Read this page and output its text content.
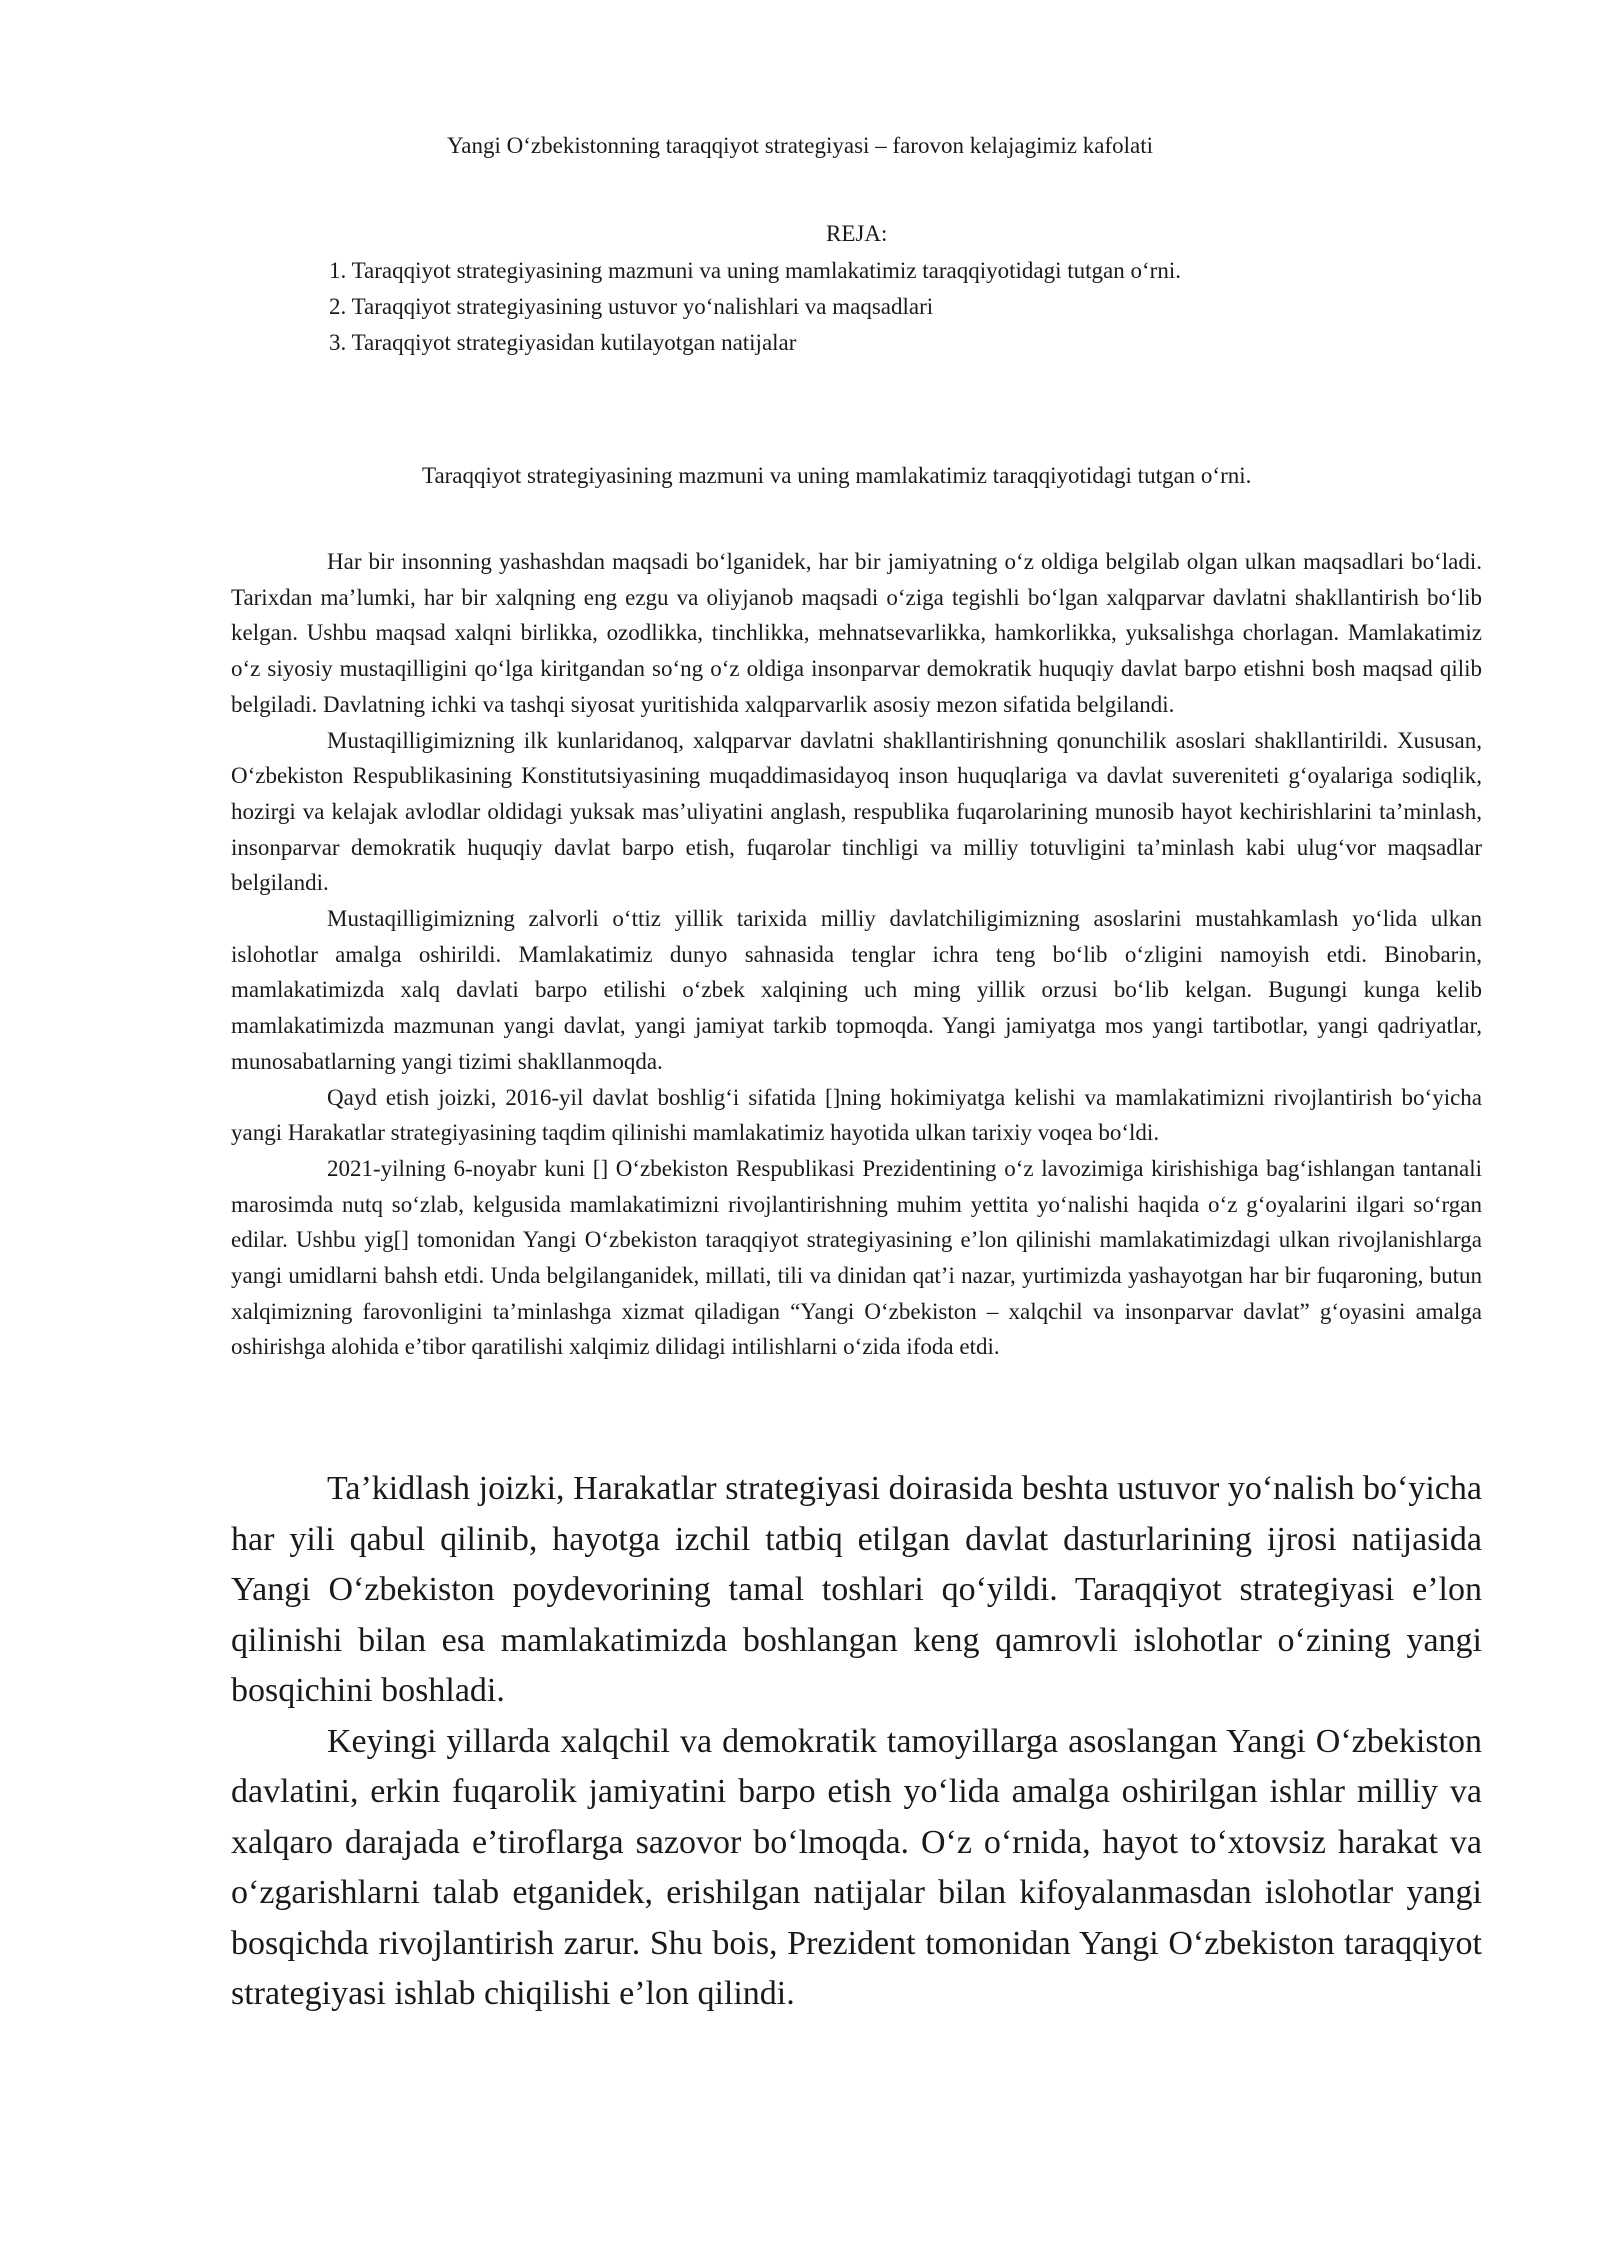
Yangi O‘zbekistonning taraqqiyot strategiyasi – farovon kelajagimiz kafolati
REJA:
1. Taraqqiyot strategiyasining mazmuni va uning mamlakatimiz taraqqiyotidagi tutgan o‘rni.
2. Taraqqiyot strategiyasining ustuvor yo‘nalishlari va maqsadlari
3. Taraqqiyot strategiyasidan kutilayotgan natijalar
Taraqqiyot strategiyasining mazmuni va uning mamlakatimiz taraqqiyotidagi tutgan o‘rni.

Har bir insonning yashashdan maqsadi bo‘lganidek, har bir jamiyatning o‘z oldiga belgilab olgan ulkan maqsadlari bo‘ladi. Tarixdan ma’lumki, har bir xalqning eng ezgu va oliyjanob maqsadi o‘ziga tegishli bo‘lgan xalqparvar davlatni shakllantirish bo‘lib kelgan. Ushbu maqsad xalqni birlikka, ozodlikka, tinchlikka, mehnatsevarlikka, hamkorlikka, yuksalishga chorlagan. Mamlakatimiz o‘z siyosiy mustaqilligini qo‘lga kiritgandan so‘ng o‘z oldiga insonparvar demokratik huquqiy davlat barpo etishni bosh maqsad qilib belgiladi. Davlatning ichki va tashqi siyosat yuritishida xalqparvarlik asosiy mezon sifatida belgilandi.

Mustaqilligimizning ilk kunlaridanoq, xalqparvar davlatni shakllantirishning qonunchilik asoslari shakllantirildi. Xususan, O‘zbekiston Respublikasining Konstitutsiyasining muqaddimasidayoq inson huquqlariga va davlat suvereniteti g‘oyalariga sodiqlik, hozirgi va kelajak avlodlar oldidagi yuksak mas’uliyatini anglash, respublika fuqarolarining munosib hayot kechirishlarini ta’minlash, insonparvar demokratik huquqiy davlat barpo etish, fuqarolar tinchligi va milliy totuvligini ta’minlash kabi ulug‘vor maqsadlar belgilandi.

Mustaqilligimizning zalvorli o‘ttiz yillik tarixida milliy davlatchiligimizning asoslarini mustahkamlash yo‘lida ulkan islohotlar amalga oshirildi. Mamlakatimiz dunyo sahnasida tenglar ichra teng bo‘lib o‘zligini namoyish etdi. Binobarin, mamlakatimizda xalq davlati barpo etilishi o‘zbek xalqining uch ming yillik orzusi bo‘lib kelgan. Bugungi kunga kelib mamlakatimizda mazmunan yangi davlat, yangi jamiyat tarkib topmoqda. Yangi jamiyatga mos yangi tartibotlar, yangi qadriyatlar, munosabatlarning yangi tizimi shakllanmoqda.

Qayd etish joizki, 2016-yil davlat boshlig‘i sifatida []ning hokimiyatga kelishi va mamlakatimizni rivojlantirish bo‘yicha yangi Harakatlar strategiyasining taqdim qilinishi mamlakatimiz hayotida ulkan tarixiy voqea bo‘ldi.

2021-yilning 6-noyabr kuni [] O‘zbekiston Respublikasi Prezidentining o‘z lavozimiga kirishishiga bag‘ishlangan tantanali marosimda nutq so‘zlab, kelgusida mamlakatimizni rivojlantirishning muhim yettita yo‘nalishi haqida o‘z g‘oyalarini ilgari so‘rgan edilar. Ushbu yig[] tomonidan Yangi O‘zbekiston taraqqiyot strategiyasining e’lon qilinishi mamlakatimizdagi ulkan rivojlanishlarga yangi umidlarni bahsh etdi. Unda belgilanganidek, millati, tili va dinidan qat’i nazar, yurtimizda yashayotgan har bir fuqaroning, butun xalqimizning farovonligini ta’minlashga xizmat qiladigan “Yangi O‘zbekiston – xalqchil va insonparvar davlat” g‘oyasini amalga oshirishga alohida e’tibor qaratilishi xalqimiz dilidagi intilishlarni o‘zida ifoda etdi.

Ta’kidlash joizki, Harakatlar strategiyasi doirasida beshta ustuvor yo‘nalish bo‘yicha har yili qabul qilinib, hayotga izchil tatbiq etilgan davlat dasturlarining ijrosi natijasida Yangi O‘zbekiston poydevorining tamal toshlari qo‘yildi. Taraqqiyot strategiyasi e’lon qilinishi bilan esa mamlakatimizda boshlangan keng qamrovli islohotlar o‘zining yangi bosqichini boshladi.

Keyingi yillarda xalqchil va demokratik tamoyillarga asoslangan Yangi O‘zbekiston davlatini, erkin fuqarolik jamiyatini barpo etish yo‘lida amalga oshirilgan ishlar milliy va xalqaro darajada e’tiroflarga sazovor bo‘lmoqda. O‘z o‘rnida, hayot to‘xtovsiz harakat va o‘zgarishlarni talab etganidek, erishilgan natijalar bilan kifoyalanmasdan islohotlar yangi bosqichda rivojlantirish zarur. Shu bois, Prezident tomonidan Yangi O‘zbekiston taraqqiyot strategiyasi ishlab chiqilishi e’lon qilindi.
